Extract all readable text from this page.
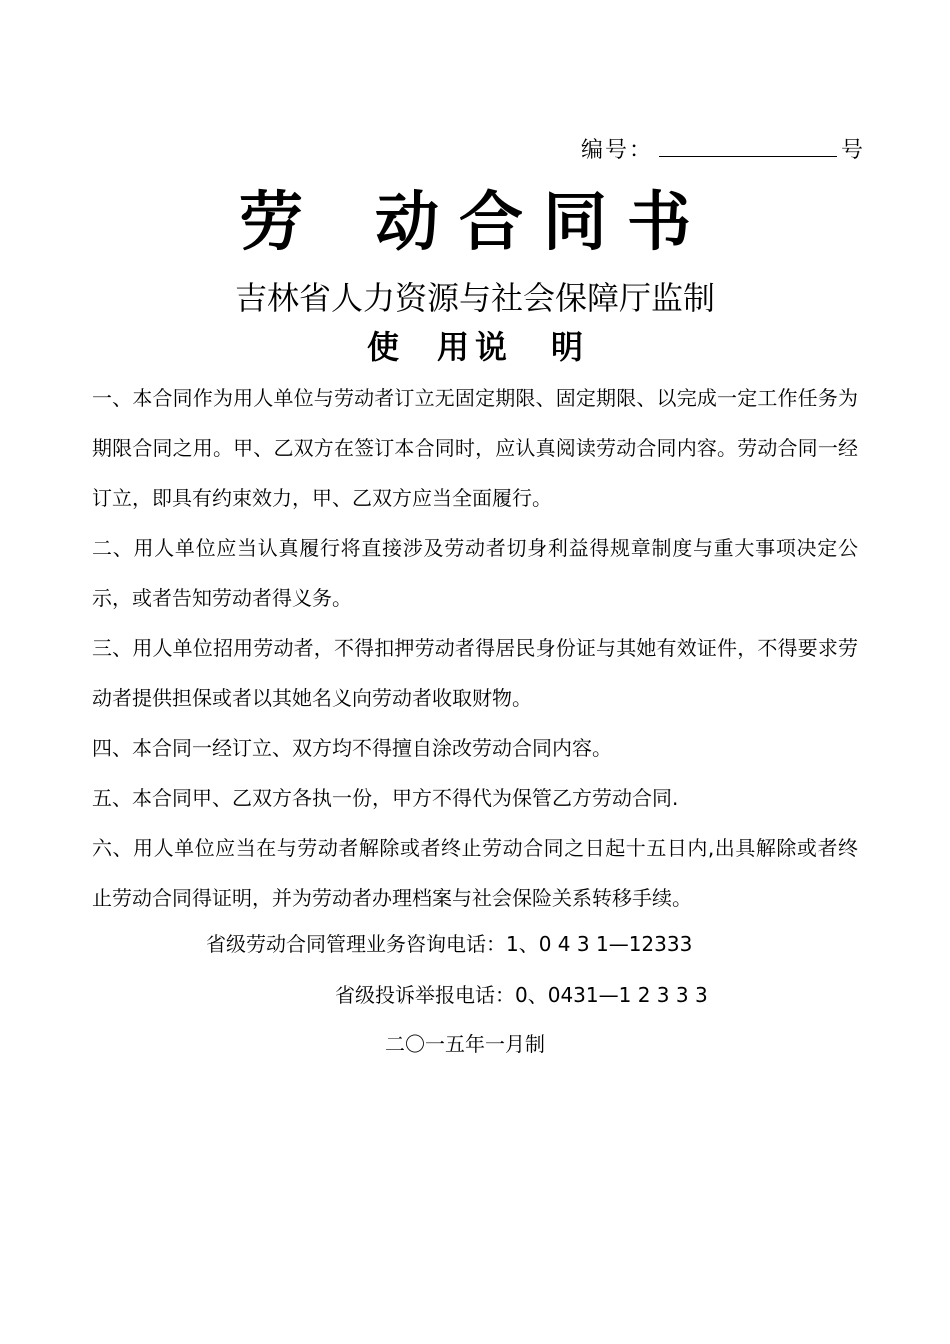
编号：	号
劳 动合同书
吉林省人力资源与社会保障厅监制
使 用说 明

一、本合同作为用人单位与劳动者订立无固定期限、固定期限、以完成一定工作任务为期限合同之用。甲、乙双方在签订本合同时，应认真阅读劳动合同内容。劳动合同一经订立，即具有约束效力，甲、乙双方应当全面履行。

二、用人单位应当认真履行将直接涉及劳动者切身利益得规章制度与重大事项决定公示，或者告知劳动者得义务。

三、用人单位招用劳动者，不得扣押劳动者得居民身份证与其她有效证件，不得要求劳动者提供担保或者以其她名义向劳动者收取财物。

四、本合同一经订立、双方均不得擅自涂改劳动合同内容。

五、本合同甲、乙双方各执一份，甲方不得代为保管乙方劳动合同.

六、用人单位应当在与劳动者解除或者终止劳动合同之日起十五日内,出具解除或者终止劳动合同得证明，并为劳动者办理档案与社会保险关系转移手续。

省级劳动合同管理业务咨询电话：1、0 4 3 1—12333
省级投诉举报电话：0、0431—1 2 3 3 3
二〇一五年一月制
